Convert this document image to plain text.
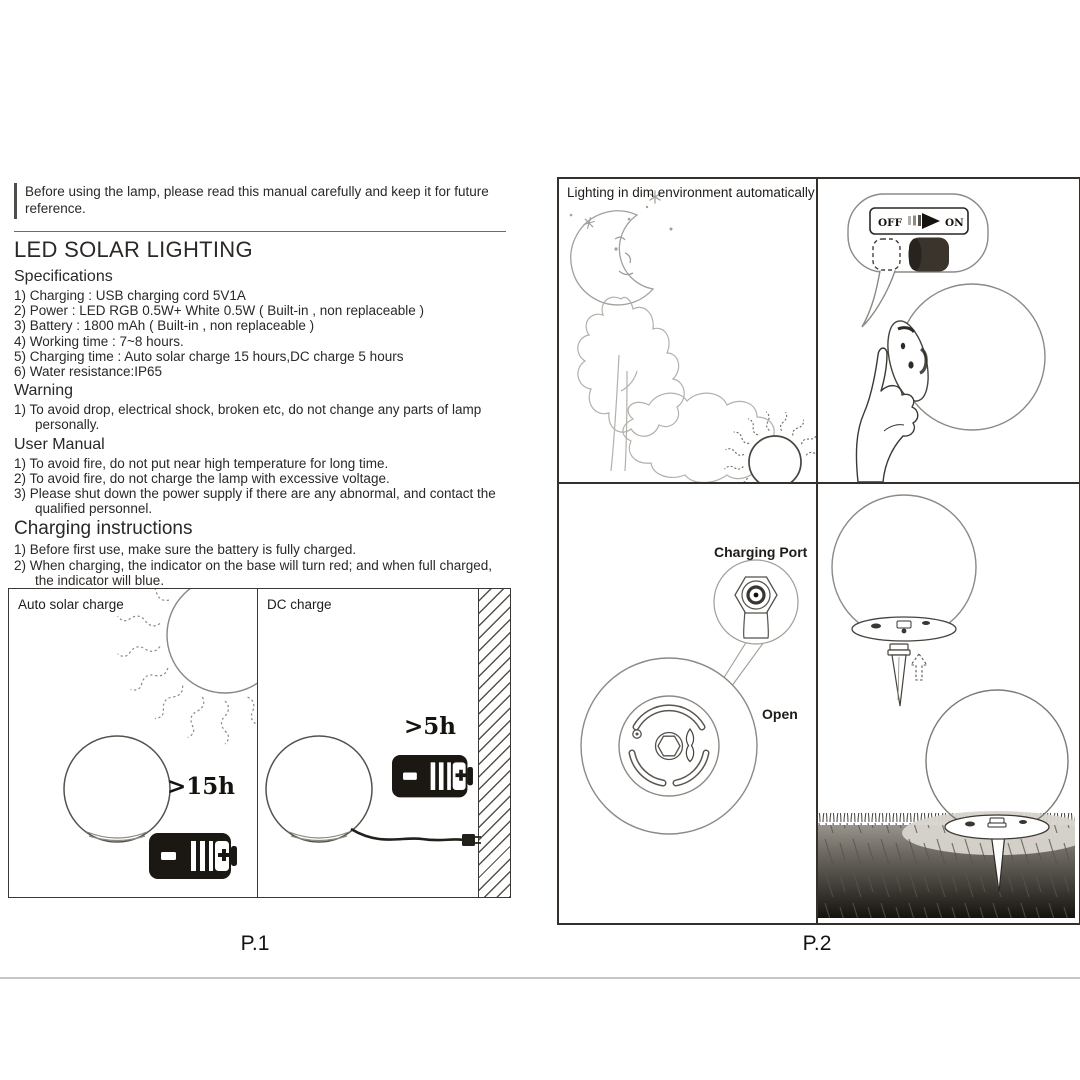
Before using the lamp, please read this manual carefully and keep it for future reference.
LED SOLAR LIGHTING
Specifications
1) Charging : USB charging cord 5V1A
2) Power : LED RGB 0.5W+ White 0.5W ( Built-in , non replaceable )
3) Battery : 1800 mAh ( Built-in , non replaceable )
4) Working time : 7~8 hours.
5) Charging time : Auto solar charge 15 hours,DC charge 5 hours
6) Water resistance:IP65
Warning
1) To avoid drop, electrical shock, broken etc, do not change any parts of lamp personally.
User Manual
1) To avoid fire, do not put near high temperature for long time.
2) To avoid fire, do not charge the lamp with excessive voltage.
3) Please shut down the power supply if there are any abnormal, and contact the qualified personnel.
Charging instructions
1) Before first use, make sure the battery is fully charged.
2) When charging, the indicator on the base will turn red; and when full charged, the indicator will blue.
Auto solar charge
>15h
DC charge
>5h
P.1
Lighting in dim environment automatically
OFF	ON
Charging Port
Open
P.2
